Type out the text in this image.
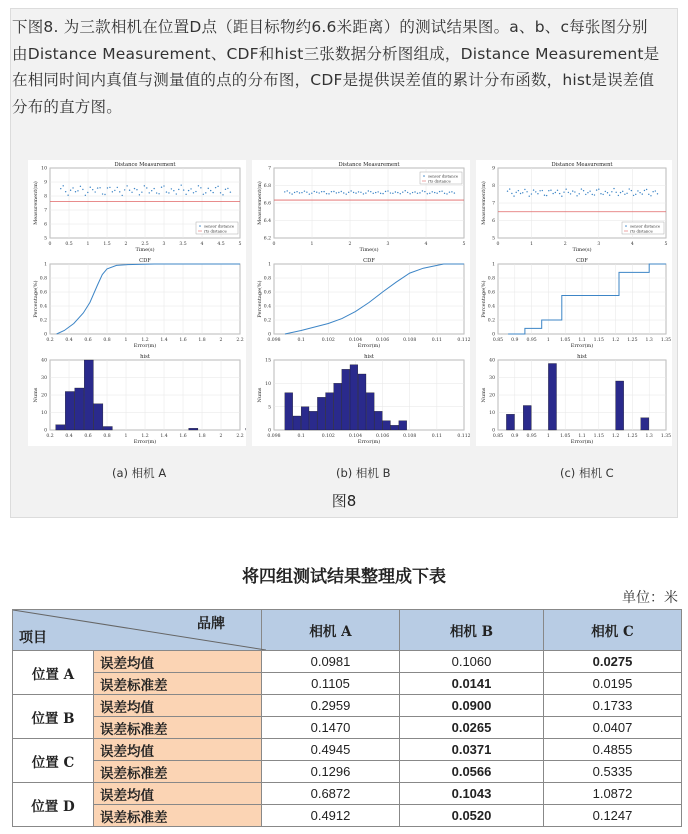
下图8. 为三款相机在位置D点（距目标物约6.6米距离）的测试结果图。a、b、c每张图分别由Distance Measurement、CDF和hist三张数据分析图组成，Distance Measurement是在相同时间内真值与测量值的点的分布图，CDF是提供误差值的累计分布函数，hist是误差值分布的直方图。
0	0.5	1	1.5	2	2.5	3	3.5	4	4.5	5
5
6
7
8
9
10
Distance Measurement
Time(s)
Measurement(m)
sensor distance
rts distance
0.2	0.4	0.6	0.8	1	1.2	1.4	1.6	1.8	2	2.2
0
0.2
0.4
0.6
0.8
1
CDF
Error(m)
Percentage(%)
0.2	0.4	0.6	0.8	1	1.2	1.4	1.6	1.8	2	2.2
0
10
20
30
40
hist
Error(m)
Nums
0	1	2	3	4	5
6.2
6.4
6.6
6.8
7
Distance Measurement
Time(s)
Measurement(m)
sensor distance
rts distance
0.098	0.1	0.102	0.104	0.106	0.108	0.11	0.112
0
0.2
0.4
0.6
0.8
1
CDF
Error(m)
Percentage(%)
0.098	0.1	0.102	0.104	0.106	0.108	0.11	0.112
0
5
10
15
hist
Error(m)
Nums
0	1	2	3	4	5
5
6
7
8
9
Distance Measurement
Time(s)
Measurement(m)
sensor distance
rts distance
0.85 0.9 0.95 1 1.05 1.1 1.15 1.2 1.25 1.3 1.35
0
0.2
0.4
0.6
0.8
1
CDF
Error(m)
Percentage(%)
0.85 0.9 0.95 1 1.05 1.1 1.15 1.2 1.25 1.3 1.35
0
10
20
30
40
hist
Error(m)
Nums
(a) 相机 A	(b) 相机 B	(c) 相机 C
图8
将四组测试结果整理成下表
单位：米
品牌
项目		相机 A	相机 B	相机 C
位置 A	误差均值	0.0981	0.1060	0.0275
	误差标准差	0.1105	0.0141	0.0195
位置 B	误差均值	0.2959	0.0900	0.1733
	误差标准差	0.1470	0.0265	0.0407
位置 C	误差均值	0.4945	0.0371	0.4855
	误差标准差	0.1296	0.0566	0.5335
位置 D	误差均值	0.6872	0.1043	1.0872
	误差标准差	0.4912	0.0520	0.1247
